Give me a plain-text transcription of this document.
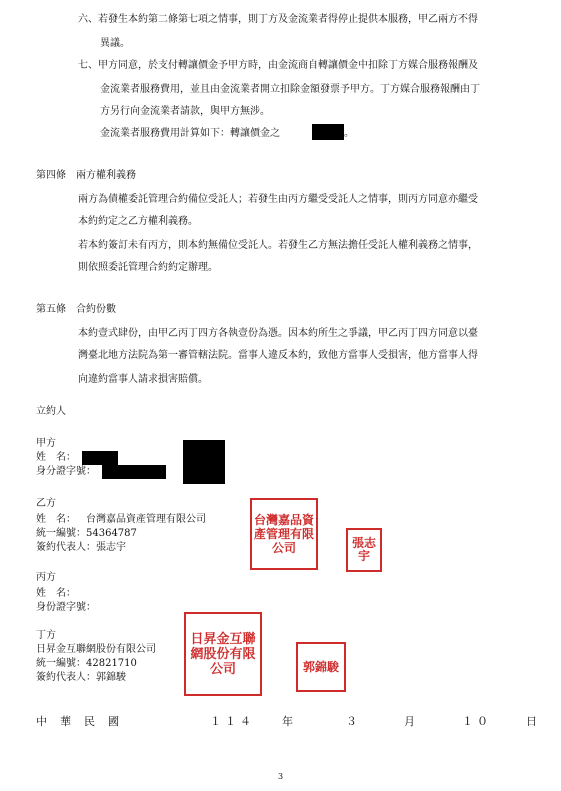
六、若發生本約第二條第七項之情事，則丁方及金流業者得停止提供本服務，甲乙兩方不得
異議。
七、甲方同意，於支付轉讓價金予甲方時，由金流商自轉讓價金中扣除丁方媒合服務報酬及
金流業者服務費用，並且由金流業者開立扣除金額發票予甲方。丁方媒合服務報酬由丁
方另行向金流業者請款，與甲方無涉。
金流業者服務費用計算如下：轉讓價金之	。
第四條　兩方權利義務
兩方為債權委託管理合約備位受託人；若發生由丙方繼受受託人之情事，則丙方同意亦繼受
本約約定之乙方權利義務。
若本約簽訂未有丙方，則本約無備位受託人。若發生乙方無法擔任受託人權利義務之情事，
則依照委託管理合約約定辦理。
第五條　合約份數
本約壹式肆份，由甲乙丙丁四方各執壹份為憑。因本約所生之爭議，甲乙丙丁四方同意以臺
灣臺北地方法院為第一審管轄法院。當事人違反本約，致他方當事人受損害，他方當事人得
向違約當事人請求損害賠償。
立約人
甲方
姓　名：
身分證字號：
乙方
姓　名： 台灣嘉品資產管理有限公司
統一編號： 54364787
簽約代表人： 張志宇
台灣嘉品資產管理有限公司	張志宇
丙方
姓　名：
身份證字號：
丁方
日昇金互聯網股份有限公司
統一編號： 42821710
簽約代表人： 郭錦駿
日昇金互聯網股份有限公司	郭錦駿
中 華 民 國	１１４ 年	３	月	１０	日
3
